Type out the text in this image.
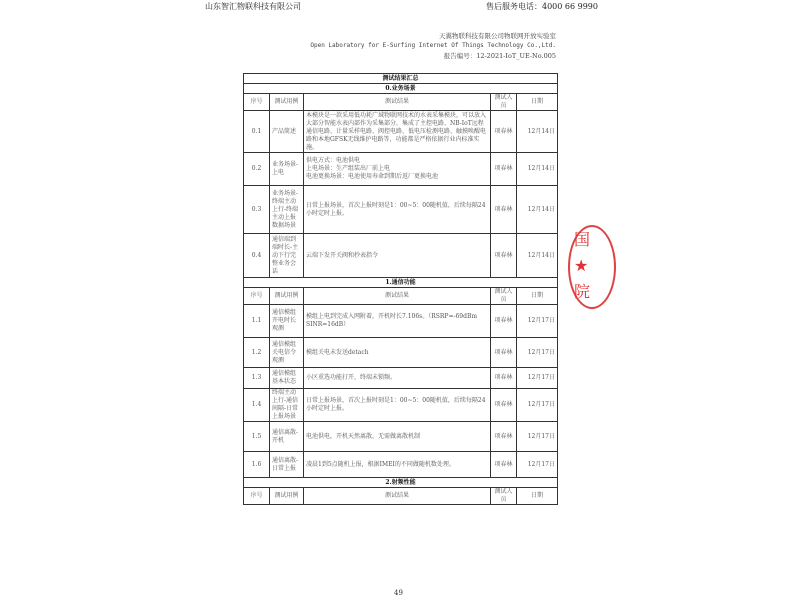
山东智汇物联科技有限公司	售后服务电话：4000 66 9990
天翼物联科技有限公司物联网开放实验室
Open Laboratory for E-Surfing Internet Of Things Technology Co.,Ltd.
报告编号：12-2021-IoT_UE-No.005
测试结果汇总				
0.业务场景				
序号	测试用例	测试结果	测试人员	日期
0.1	产品简述	本模块是一款采用低功耗广域物联网技术的水表采集模块，可以放入大部分智能水表内部作为采集部分，集成了主控电路、NB-IoT远程通信电路、计量采样电路、阀控电路、低电压检测电路、触摸唤醒电路和本地GFSK无线维护电路等，功能都是严格依据行业内标准实施。	项春林	12月14日
0.2	业务场景-上电	供电方式：电池供电
上电场景：生产组装出厂前上电
电池更换场景：电池使用寿命到期后返厂更换电池	项春林	12月14日
0.3	业务场景-终端主动上行-终端主动上报数据场景	日常上报场景，首次上报时刻是1：00~5：00随机值，后续每隔24小时定时上报。	项春林	12月14日
0.4	通信端到端时长-主动下行完整业务会话	云端下发开关阀和抄表指令	项春林	12月14日
1.通信功能				
序号	测试用例	测试结果	测试人员	日期
1.1	通信模组开电时长观测	模组上电到完成入网附着，开机时长7.106s。（RSRP=-69dBm SINR=16dB）	项春林	12月17日
1.2	通信模组关电信令观测	模组关电未发送detach	项春林	12月17日
1.3	通信模组基本状态	小区重选功能打开，终端未锁频。	项春林	12月17日
1.4	终端主动上行-通信间隔-日常上报场景	日常上报场景，首次上报时刻是1：00~5：00随机值，后续每隔24小时定时上报。	项春林	12月17日
1.5	通信离散-开机	电池供电，开机天然离散，无需做离散机制	项春林	12月17日
1.6	通信离散-日常上报	凌晨1到5点随机上报，根据IMEI的不同做随机数处理。	项春林	12月17日
2.射频性能				
序号	测试用例	测试结果	测试人员	日期
国
★
院
49
